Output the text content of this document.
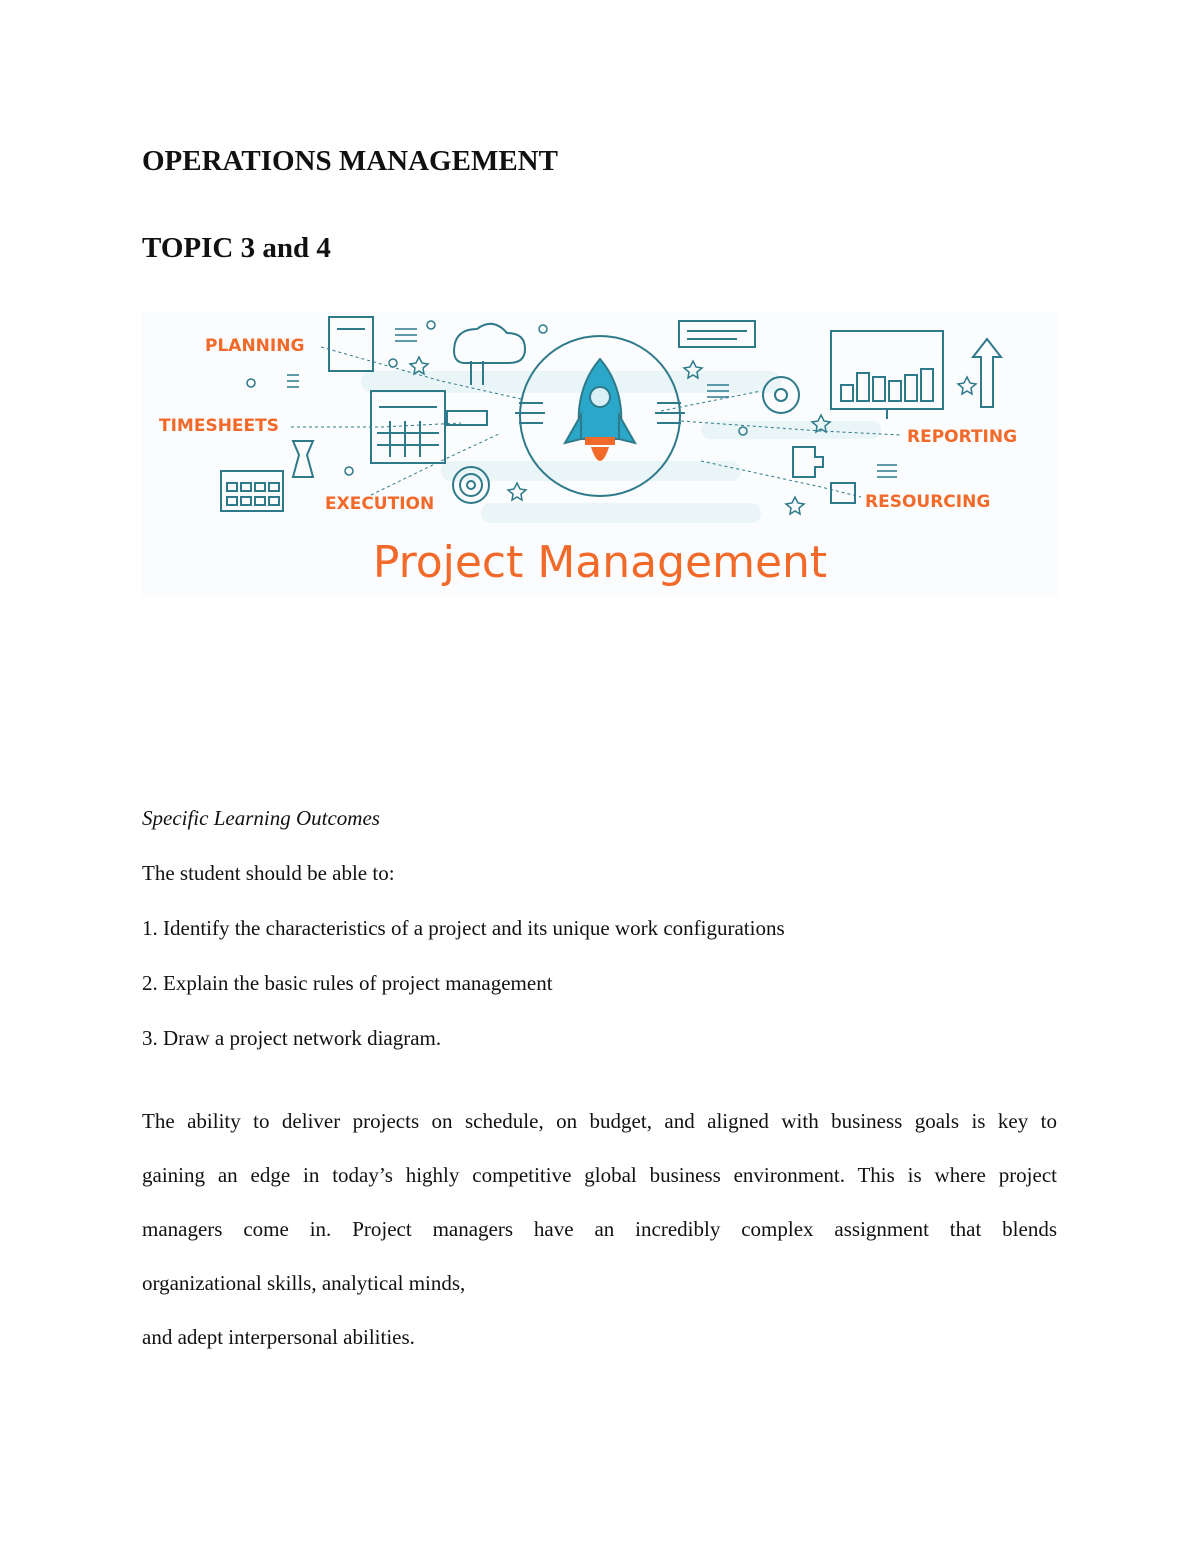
OPERATIONS MANAGEMENT
TOPIC 3 and 4
PLANNING
TIMESHEETS
EXECUTION
REPORTING
RESOURCING
Project Management

Specific Learning Outcomes

The student should be able to:

1. Identify the characteristics of a project and its unique work configurations

2. Explain the basic rules of project management

3. Draw a project network diagram.

The ability to deliver projects on schedule, on budget, and aligned with business goals is key to
gaining an edge in today’s highly competitive global business environment. This is where project
managers come in. Project managers have an incredibly complex assignment that blends
organizational skills, analytical minds,
and adept interpersonal abilities.
